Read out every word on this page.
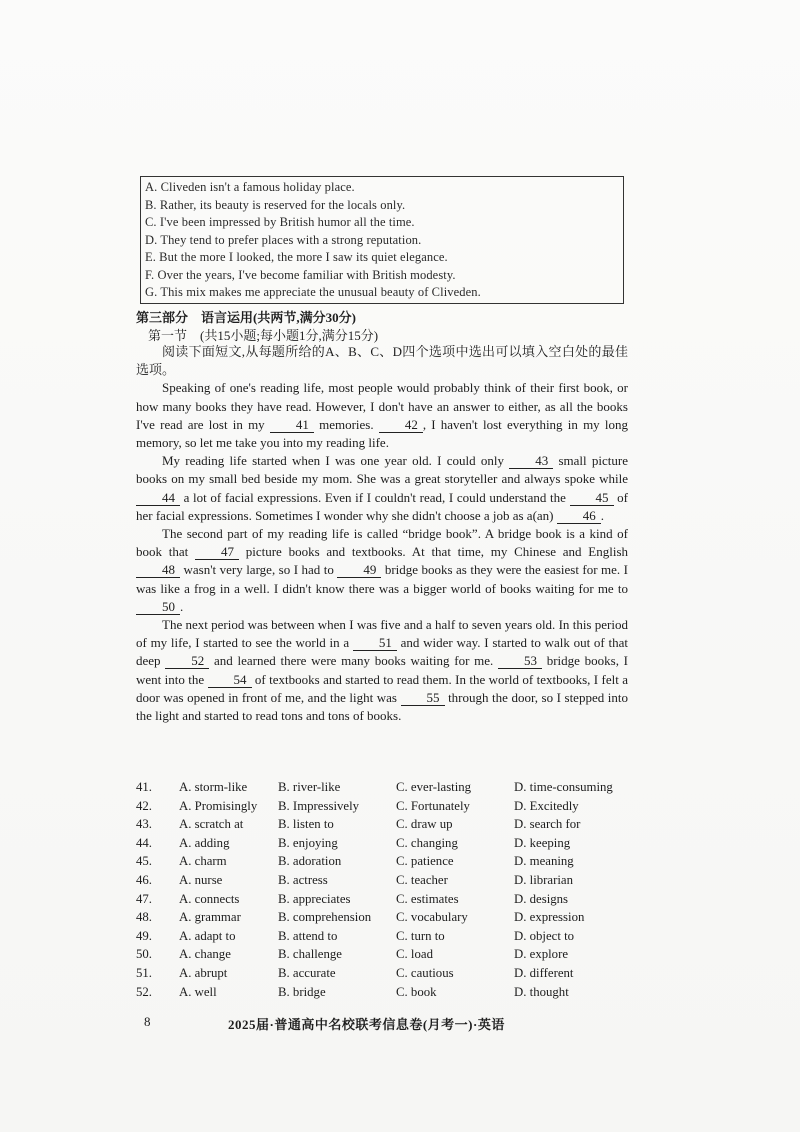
A. Cliveden isn't a famous holiday place.
B. Rather, its beauty is reserved for the locals only.
C. I've been impressed by British humor all the time.
D. They tend to prefer places with a strong reputation.
E. But the more I looked, the more I saw its quiet elegance.
F. Over the years, I've become familiar with British modesty.
G. This mix makes me appreciate the unusual beauty of Cliveden.
第三部分　语言运用(共两节,满分30分)
第一节　(共15小题;每小题1分,满分15分)

阅读下面短文,从每题所给的A、B、C、D四个选项中选出可以填入空白处的最佳选项。

Speaking of one's reading life, most people would probably think of their first book, or how many books they have read. However, I don't have an answer to either, as all the books I've read are lost in my 41 memories. 42 , I haven't lost everything in my long memory, so let me take you into my reading life.

My reading life started when I was one year old. I could only 43 small picture books on my small bed beside my mom. She was a great storyteller and always spoke while 44 a lot of facial expressions. Even if I couldn't read, I could understand the 45 of her facial expressions. Sometimes I wonder why she didn't choose a job as a(an) 46 .

The second part of my reading life is called “bridge book”. A bridge book is a kind of book that 47 picture books and textbooks. At that time, my Chinese and English 48 wasn't very large, so I had to 49 bridge books as they were the easiest for me. I was like a frog in a well. I didn't know there was a bigger world of books waiting for me to 50 .

The next period was between when I was five and a half to seven years old. In this period of my life, I started to see the world in a 51 and wider way. I started to walk out of that deep 52 and learned there were many books waiting for me. 53 bridge books, I went into the 54 of textbooks and started to read them. In the world of textbooks, I felt a door was opened in front of me, and the light was 55 through the door, so I stepped into the light and started to read tons and tons of books.

41. A. storm-like B. river-like	C. ever-lasting	D. time-consuming
42. A. Promisingly B. Impressively	C. Fortunately	D. Excitedly
43. A. scratch at	B. listen to	C. draw up	D. search for
44. A. adding	B. enjoying	C. changing	D. keeping
45. A. charm	B. adoration	C. patience	D. meaning
46. A. nurse	B. actress	C. teacher	D. librarian
47. A. connects	B. appreciates	C. estimates	D. designs
48. A. grammar	B. comprehension C. vocabulary	D. expression
49. A. adapt to	B. attend to	C. turn to	D. object to
50. A. change	B. challenge	C. load	D. explore
51. A. abrupt	B. accurate	C. cautious	D. different
52. A. well	B. bridge	C. book	D. thought
8	2025届·普通高中名校联考信息卷(月考一)·英语
